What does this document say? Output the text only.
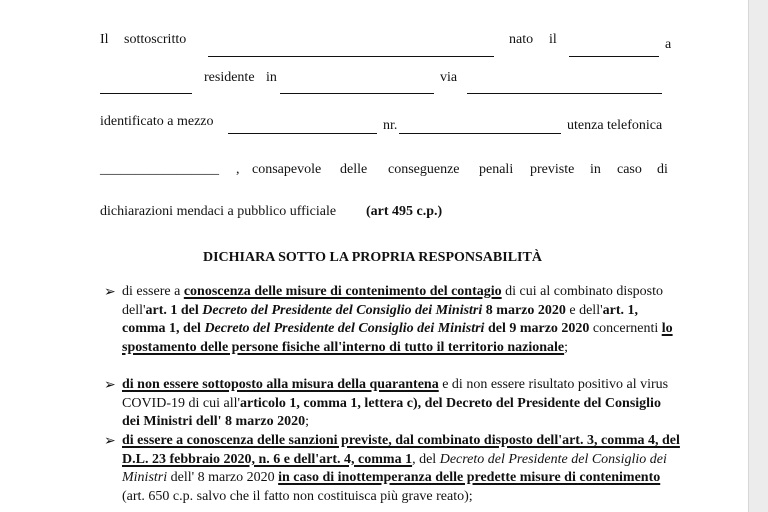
Il sottoscritto	nato il	a
residente in	via
identificato a mezzo	nr.	utenza telefonica
_________________ , consapevole delle conseguenze penali previste in caso di
dichiarazioni mendaci a pubblico ufficiale (art 495 c.p.)
DICHIARA SOTTO LA PROPRIA RESPONSABILITÀ
➢ di essere a conoscenza delle misure di contenimento del contagio di cui al combinato disposto dell'art. 1 del Decreto del Presidente del Consiglio dei Ministri 8 marzo 2020 e dell'art. 1, comma 1, del Decreto del Presidente del Consiglio dei Ministri del 9 marzo 2020 concernenti lo spostamento delle persone fisiche all'interno di tutto il territorio nazionale;
➢ di non essere sottoposto alla misura della quarantena e di non essere risultato positivo al virus COVID-19 di cui all'articolo 1, comma 1, lettera c), del Decreto del Presidente del Consiglio dei Ministri dell' 8 marzo 2020;
➢ di essere a conoscenza delle sanzioni previste, dal combinato disposto dell'art. 3, comma 4, del D.L. 23 febbraio 2020, n. 6 e dell'art. 4, comma 1, del Decreto del Presidente del Consiglio dei Ministri dell' 8 marzo 2020 in caso di inottemperanza delle predette misure di contenimento (art. 650 c.p. salvo che il fatto non costituisca più grave reato);
